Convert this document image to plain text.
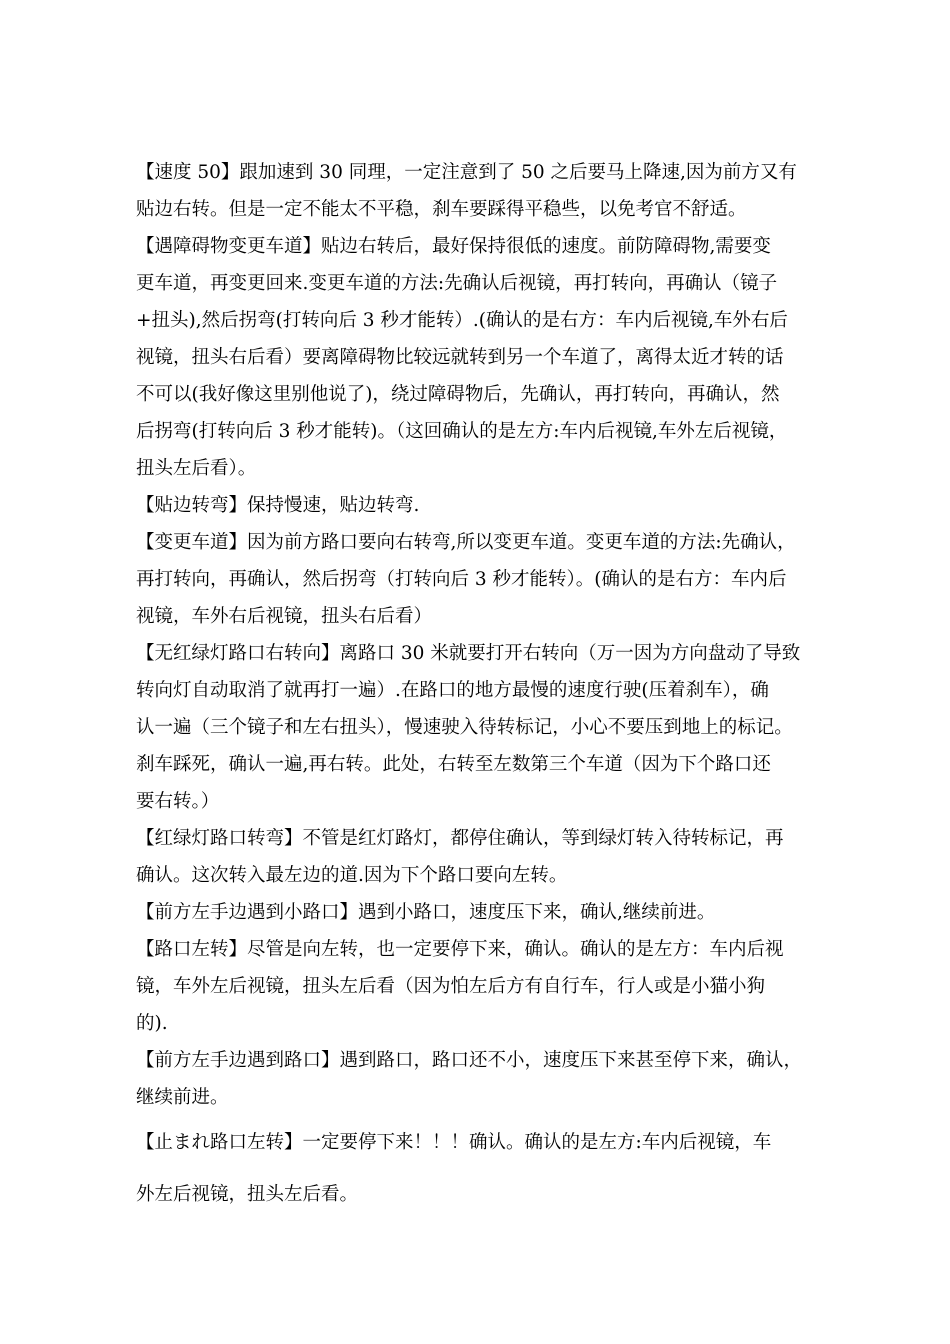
【速度 50】跟加速到 30 同理，一定注意到了 50 之后要马上降速,因为前方又有
贴边右转。但是一定不能太不平稳，刹车要踩得平稳些，以免考官不舒适。
【遇障碍物变更车道】贴边右转后，最好保持很低的速度。前防障碍物,需要变
更车道，再变更回来.变更车道的方法:先确认后视镜，再打转向，再确认（镜子
+扭头),然后拐弯(打转向后 3 秒才能转）.(确认的是右方：车内后视镜,车外右后
视镜，扭头右后看）要离障碍物比较远就转到另一个车道了，离得太近才转的话
不可以(我好像这里别他说了)，绕过障碍物后，先确认，再打转向，再确认，然
后拐弯(打转向后 3 秒才能转)。（这回确认的是左方:车内后视镜,车外左后视镜，
扭头左后看）。
【贴边转弯】保持慢速，贴边转弯.
【变更车道】因为前方路口要向右转弯,所以变更车道。变更车道的方法:先确认，
再打转向，再确认，然后拐弯（打转向后 3 秒才能转）。(确认的是右方：车内后
视镜，车外右后视镜，扭头右后看）
【无红绿灯路口右转向】离路口 30 米就要打开右转向（万一因为方向盘动了导致
转向灯自动取消了就再打一遍）.在路口的地方最慢的速度行驶(压着刹车），确
认一遍（三个镜子和左右扭头），慢速驶入待转标记，小心不要压到地上的标记。
刹车踩死，确认一遍,再右转。此处，右转至左数第三个车道（因为下个路口还
要右转。）
【红绿灯路口转弯】不管是红灯路灯，都停住确认，等到绿灯转入待转标记，再
确认。这次转入最左边的道.因为下个路口要向左转。
【前方左手边遇到小路口】遇到小路口，速度压下来，确认,继续前进。
【路口左转】尽管是向左转，也一定要停下来，确认。确认的是左方：车内后视
镜，车外左后视镜，扭头左后看（因为怕左后方有自行车，行人或是小猫小狗
的).
【前方左手边遇到路口】遇到路口，路口还不小，速度压下来甚至停下来，确认，
继续前进。
【止まれ路口左转】一定要停下来！！！确认。确认的是左方:车内后视镜，车
外左后视镜，扭头左后看。
